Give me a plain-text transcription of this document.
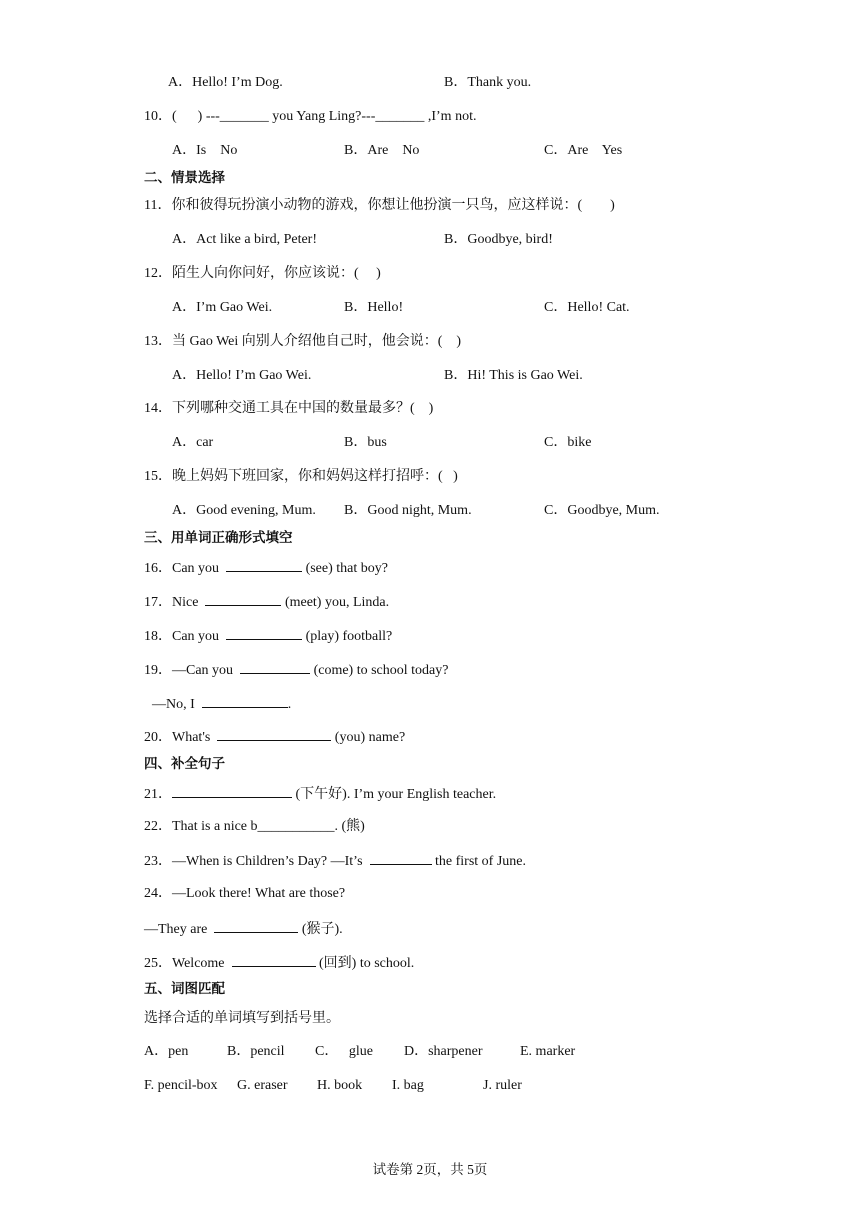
A．Hello! I’m Dog.	B．Thank you.
10．(      ) ---_______ you Yang Ling?---_______ ,I’m not.
A．Is    No	B．Are    No	C．Are    Yes
二、情景选择
11．你和彼得玩扮演小动物的游戏，你想让他扮演一只鸟，应这样说：(        )
A．Act like a bird, Peter!	B．Goodbye, bird!
12．陌生人向你问好，你应该说：(     )
A．I’m Gao Wei.	B．Hello!	C．Hello! Cat.
13．当 Gao Wei 向别人介绍他自己时，他会说：(    )
A．Hello! I’m Gao Wei.	B．Hi! This is Gao Wei.
14．下列哪种交通工具在中国的数量最多？(    )
A．car	B．bus	C．bike
15．晚上妈妈下班回家，你和妈妈这样打招呼：(   )
A．Good evening, Mum. B．Good night, Mum.	C．Goodbye, Mum.
三、用单词正确形式填空
16．Can you	(see) that boy?
17．Nice	(meet) you, Linda.
18．Can you	(play) football?
19．—Can you	(come) to school today?
—No, I	.
20．What's	(you) name?
四、补全句子
21．	(下午好). I’m your English teacher.
22．That is a nice b___________. (熊)
23．—When is Children’s Day? —It’s	the first of June.
24．—Look there! What are those?
—They are	(猴子).
25．Welcome	(回到) to school.
五、词图匹配
选择合适的单词填写到括号里。
A．pen	B．pencil C．   glue D．sharpener	E. marker
F. pencil-box G. eraser H. book I. bag	J. ruler
试卷第 2页，共 5页
